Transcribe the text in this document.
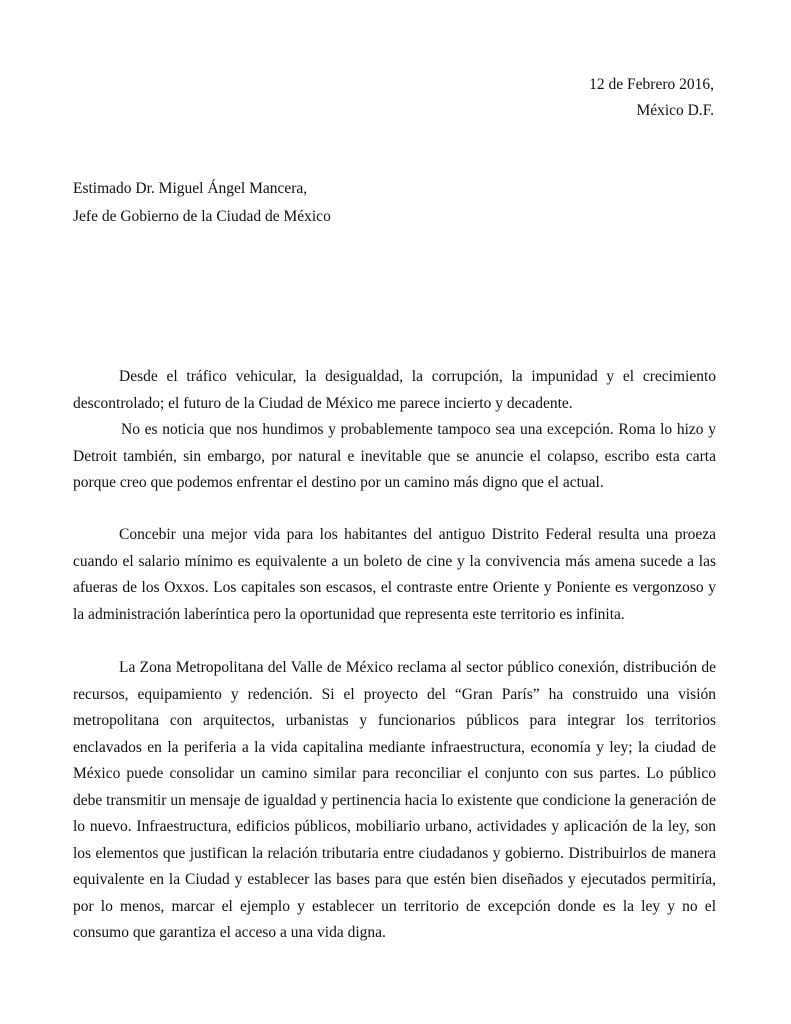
12 de Febrero 2016,
México D.F.
Estimado Dr. Miguel Ángel Mancera,
Jefe de Gobierno de la Ciudad de México

Desde el tráfico vehicular, la desigualdad, la corrupción, la impunidad y el crecimiento descontrolado; el futuro de la Ciudad de México me parece incierto y decadente.

No es noticia que nos hundimos y probablemente tampoco sea una excepción. Roma lo hizo y Detroit también, sin embargo, por natural e inevitable que se anuncie el colapso, escribo esta carta porque creo que podemos enfrentar el destino por un camino más digno que el actual.

Concebir una mejor vida para los habitantes del antiguo Distrito Federal resulta una proeza cuando el salario mínimo es equivalente a un boleto de cine y la convivencia más amena sucede a las afueras de los Oxxos. Los capitales son escasos, el contraste entre Oriente y Poniente es vergonzoso y la administración laberíntica pero la oportunidad que representa este territorio es infinita.

La Zona Metropolitana del Valle de México reclama al sector público conexión, distribución de recursos, equipamiento y redención. Si el proyecto del “Gran París” ha construido una visión metropolitana con arquitectos, urbanistas y funcionarios públicos para integrar los territorios enclavados en la periferia a la vida capitalina mediante infraestructura, economía y ley; la ciudad de México puede consolidar un camino similar para reconciliar el conjunto con sus partes. Lo público debe transmitir un mensaje de igualdad y pertinencia hacia lo existente que condicione la generación de lo nuevo. Infraestructura, edificios públicos, mobiliario urbano, actividades y aplicación de la ley, son los elementos que justifican la relación tributaria entre ciudadanos y gobierno. Distribuirlos de manera equivalente en la Ciudad y establecer las bases para que estén bien diseñados y ejecutados permitiría, por lo menos, marcar el ejemplo y establecer un territorio de excepción donde es la ley y no el consumo que garantiza el acceso a una vida digna.
